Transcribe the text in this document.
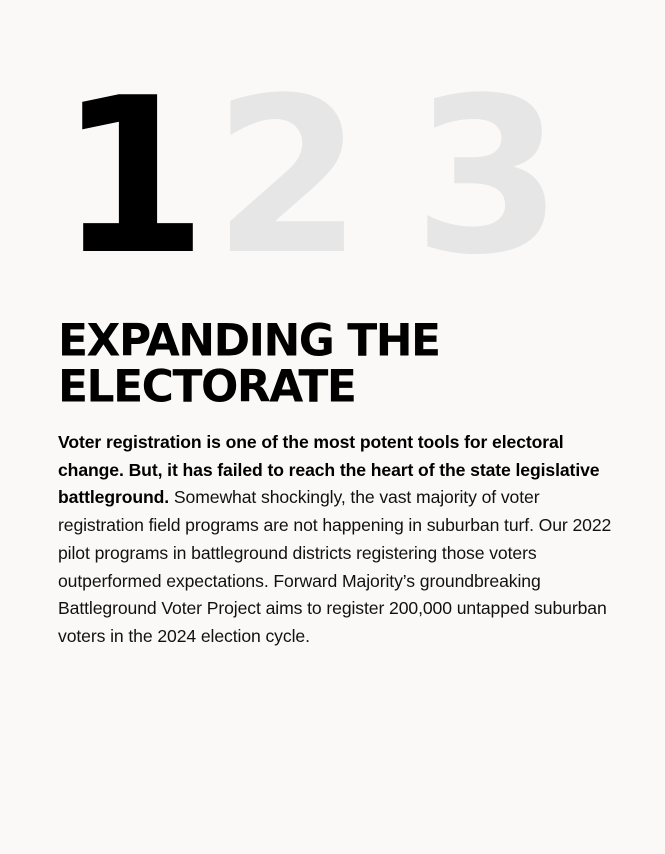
1 2 3
EXPANDING THE
ELECTORATE

Voter registration is one of the most potent tools for electoral change. But, it has failed to reach the heart of the state legislative battleground. Somewhat shockingly, the vast majority of voter registration field programs are not happening in suburban turf. Our 2022 pilot programs in battleground districts registering those voters outperformed expectations. Forward Majority’s groundbreaking Battleground Voter Project aims to register 200,000 untapped suburban voters in the 2024 election cycle.
